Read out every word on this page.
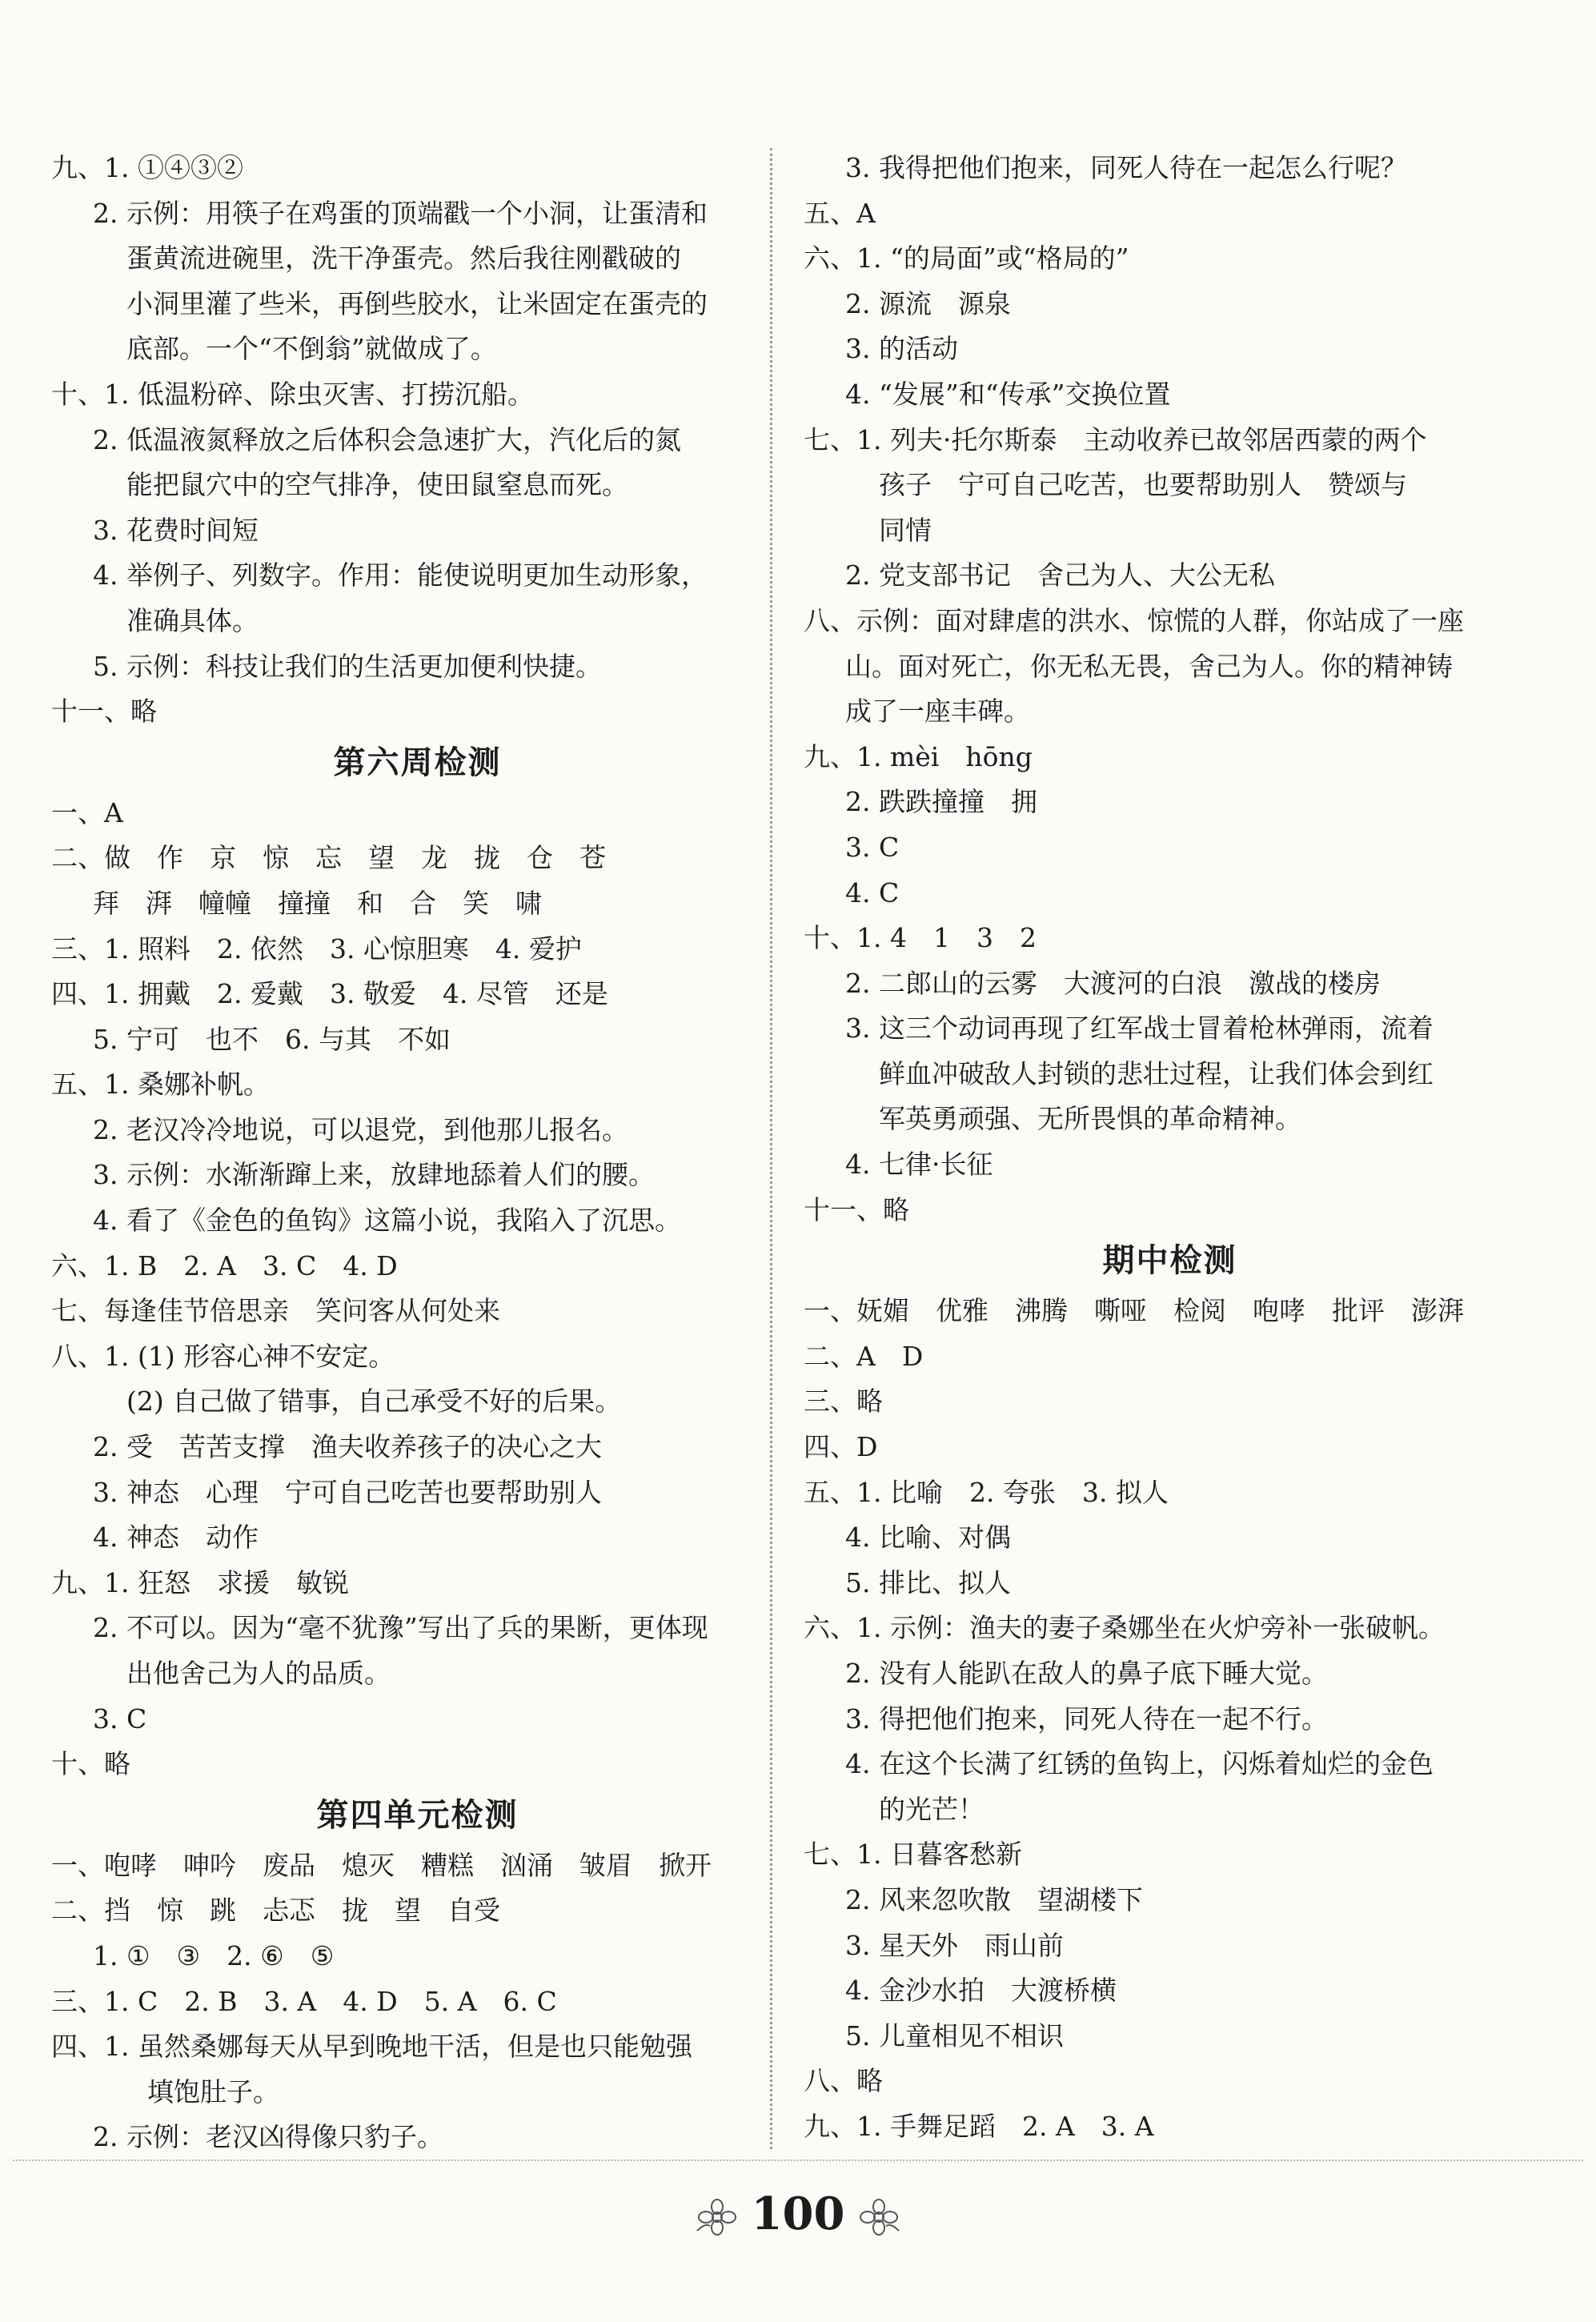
九、1. ①④③②
2. 示例：用筷子在鸡蛋的顶端戳一个小洞，让蛋清和
蛋黄流进碗里，洗干净蛋壳。然后我往刚戳破的
小洞里灌了些米，再倒些胶水，让米固定在蛋壳的
底部。一个“不倒翁”就做成了。
十、1. 低温粉碎、除虫灭害、打捞沉船。
2. 低温液氮释放之后体积会急速扩大，汽化后的氮
能把鼠穴中的空气排净，使田鼠窒息而死。
3. 花费时间短
4. 举例子、列数字。作用：能使说明更加生动形象，
准确具体。
5. 示例：科技让我们的生活更加便利快捷。
十一、略
第六周检测
一、A
二、做　作　京　惊　忘　望　龙　拢　仓　苍
拜　湃　幢幢　撞撞　和　合　笑　啸
三、1. 照料　2. 依然　3. 心惊胆寒　4. 爱护
四、1. 拥戴　2. 爱戴　3. 敬爱　4. 尽管　还是
5. 宁可　也不　6. 与其　不如
五、1. 桑娜补帆。
2. 老汉冷冷地说，可以退党，到他那儿报名。
3. 示例：水渐渐蹿上来，放肆地舔着人们的腰。
4. 看了《金色的鱼钩》这篇小说，我陷入了沉思。
六、1. B　2. A　3. C　4. D
七、每逢佳节倍思亲　笑问客从何处来
八、1. (1) 形容心神不安定。
(2) 自己做了错事，自己承受不好的后果。
2. 受　苦苦支撑　渔夫收养孩子的决心之大
3. 神态　心理　宁可自己吃苦也要帮助别人
4. 神态　动作
九、1. 狂怒　求援　敏锐
2. 不可以。因为“毫不犹豫”写出了兵的果断，更体现
出他舍己为人的品质。
3. C
十、略
第四单元检测
一、咆哮　呻吟　废品　熄灭　糟糕　汹涌　皱眉　掀开
二、挡　惊　跳　忐忑　拢　望　自受
1. ①　③　2. ⑥　⑤
三、1. C　2. B　3. A　4. D　5. A　6. C
四、1. 虽然桑娜每天从早到晚地干活，但是也只能勉强
填饱肚子。
2. 示例：老汉凶得像只豹子。
3. 我得把他们抱来，同死人待在一起怎么行呢？
五、A
六、1. “的局面”或“格局的”
2. 源流　源泉
3. 的活动
4. “发展”和“传承”交换位置
七、1. 列夫·托尔斯泰　主动收养已故邻居西蒙的两个
孩子　宁可自己吃苦，也要帮助别人　赞颂与
同情
2. 党支部书记　舍己为人、大公无私
八、示例：面对肆虐的洪水、惊慌的人群，你站成了一座
山。面对死亡，你无私无畏，舍己为人。你的精神铸
成了一座丰碑。
九、1. mèi　hōng
2. 跌跌撞撞　拥
3. C
4. C
十、1. 4　1　3　2
2. 二郎山的云雾　大渡河的白浪　激战的楼房
3. 这三个动词再现了红军战士冒着枪林弹雨，流着
鲜血冲破敌人封锁的悲壮过程，让我们体会到红
军英勇顽强、无所畏惧的革命精神。
4. 七律·长征
十一、略
期中检测
一、妩媚　优雅　沸腾　嘶哑　检阅　咆哮　批评　澎湃
二、A　D
三、略
四、D
五、1. 比喻　2. 夸张　3. 拟人
4. 比喻、对偶
5. 排比、拟人
六、1. 示例：渔夫的妻子桑娜坐在火炉旁补一张破帆。
2. 没有人能趴在敌人的鼻子底下睡大觉。
3. 得把他们抱来，同死人待在一起不行。
4. 在这个长满了红锈的鱼钩上，闪烁着灿烂的金色
的光芒！
七、1. 日暮客愁新
2. 风来忽吹散　望湖楼下
3. 星天外　雨山前
4. 金沙水拍　大渡桥横
5. 儿童相见不相识
八、略
九、1. 手舞足蹈　2. A　3. A
100
